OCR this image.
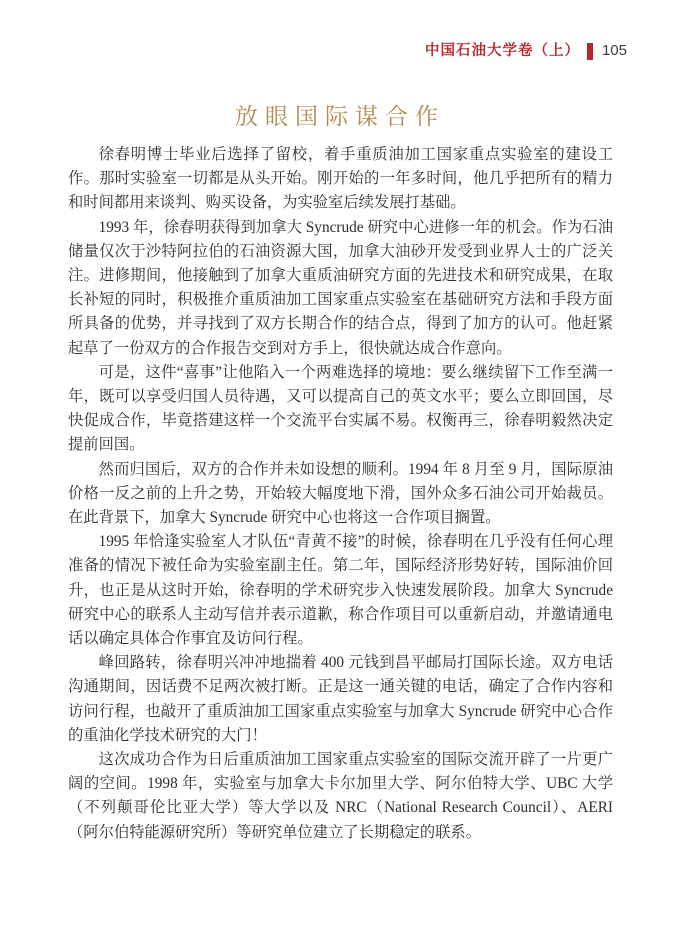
中国石油大学卷（上） 105
放眼国际谋合作

徐春明博士毕业后选择了留校，着手重质油加工国家重点实验室的建设工作。那时实验室一切都是从头开始。刚开始的一年多时间，他几乎把所有的精力和时间都用来谈判、购买设备，为实验室后续发展打基础。

1993 年，徐春明获得到加拿大 Syncrude 研究中心进修一年的机会。作为石油储量仅次于沙特阿拉伯的石油资源大国，加拿大油砂开发受到业界人士的广泛关注。进修期间，他接触到了加拿大重质油研究方面的先进技术和研究成果，在取长补短的同时，积极推介重质油加工国家重点实验室在基础研究方法和手段方面所具备的优势，并寻找到了双方长期合作的结合点，得到了加方的认可。他赶紧起草了一份双方的合作报告交到对方手上，很快就达成合作意向。

可是，这件“喜事”让他陷入一个两难选择的境地：要么继续留下工作至满一年，既可以享受归国人员待遇，又可以提高自己的英文水平；要么立即回国，尽快促成合作，毕竟搭建这样一个交流平台实属不易。权衡再三，徐春明毅然决定提前回国。

然而归国后，双方的合作并未如设想的顺利。1994 年 8 月至 9 月，国际原油价格一反之前的上升之势，开始较大幅度地下滑，国外众多石油公司开始裁员。在此背景下，加拿大 Syncrude 研究中心也将这一合作项目搁置。

1995 年恰逢实验室人才队伍“青黄不接”的时候，徐春明在几乎没有任何心理准备的情况下被任命为实验室副主任。第二年，国际经济形势好转，国际油价回升，也正是从这时开始，徐春明的学术研究步入快速发展阶段。加拿大 Syncrude 研究中心的联系人主动写信并表示道歉，称合作项目可以重新启动，并邀请通电话以确定具体合作事宜及访问行程。

峰回路转，徐春明兴冲冲地揣着 400 元钱到昌平邮局打国际长途。双方电话沟通期间，因话费不足两次被打断。正是这一通关键的电话，确定了合作内容和访问行程，也敲开了重质油加工国家重点实验室与加拿大 Syncrude 研究中心合作的重油化学技术研究的大门！

这次成功合作为日后重质油加工国家重点实验室的国际交流开辟了一片更广阔的空间。1998 年，实验室与加拿大卡尔加里大学、阿尔伯特大学、UBC 大学（不列颠哥伦比亚大学）等大学以及 NRC（National Research Council）、AERI（阿尔伯特能源研究所）等研究单位建立了长期稳定的联系。
